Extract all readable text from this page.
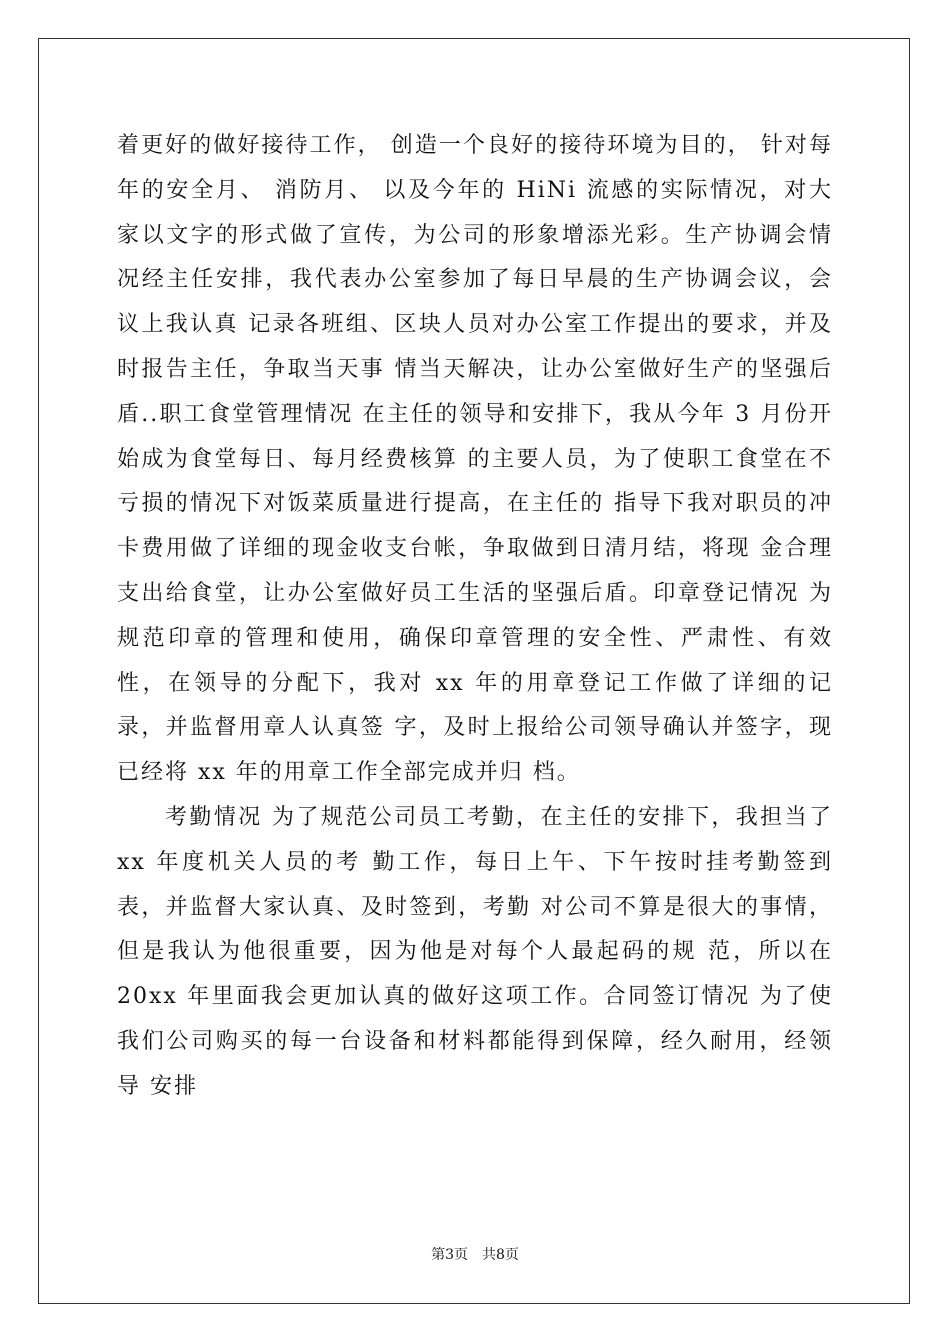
着更好的做好接待工作， 创造一个良好的接待环境为目的， 针对每年的安全月、 消防月、 以及今年的 HiNi 流感的实际情况，对大家以文字的形式做了宣传，为公司的形象增添光彩。生产协调会情况经主任安排，我代表办公室参加了每日早晨的生产协调会议，会议上我认真 记录各班组、区块人员对办公室工作提出的要求，并及时报告主任，争取当天事 情当天解决，让办公室做好生产的坚强后盾..职工食堂管理情况 在主任的领导和安排下，我从今年 3 月份开始成为食堂每日、每月经费核算 的主要人员，为了使职工食堂在不亏损的情况下对饭菜质量进行提高，在主任的 指导下我对职员的冲卡费用做了详细的现金收支台帐，争取做到日清月结，将现 金合理支出给食堂，让办公室做好员工生活的坚强后盾。印章登记情况 为规范印章的管理和使用，确保印章管理的安全性、严肃性、有效性，在领导的分配下，我对 xx 年的用章登记工作做了详细的记录，并监督用章人认真签 字，及时上报给公司领导确认并签字，现已经将 xx 年的用章工作全部完成并归 档。

考勤情况 为了规范公司员工考勤，在主任的安排下，我担当了 xx 年度机关人员的考 勤工作，每日上午、下午按时挂考勤签到表，并监督大家认真、及时签到，考勤 对公司不算是很大的事情，但是我认为他很重要，因为他是对每个人最起码的规 范，所以在 20xx 年里面我会更加认真的做好这项工作。合同签订情况 为了使我们公司购买的每一台设备和材料都能得到保障，经久耐用，经领导 安排

第3页　共8页
